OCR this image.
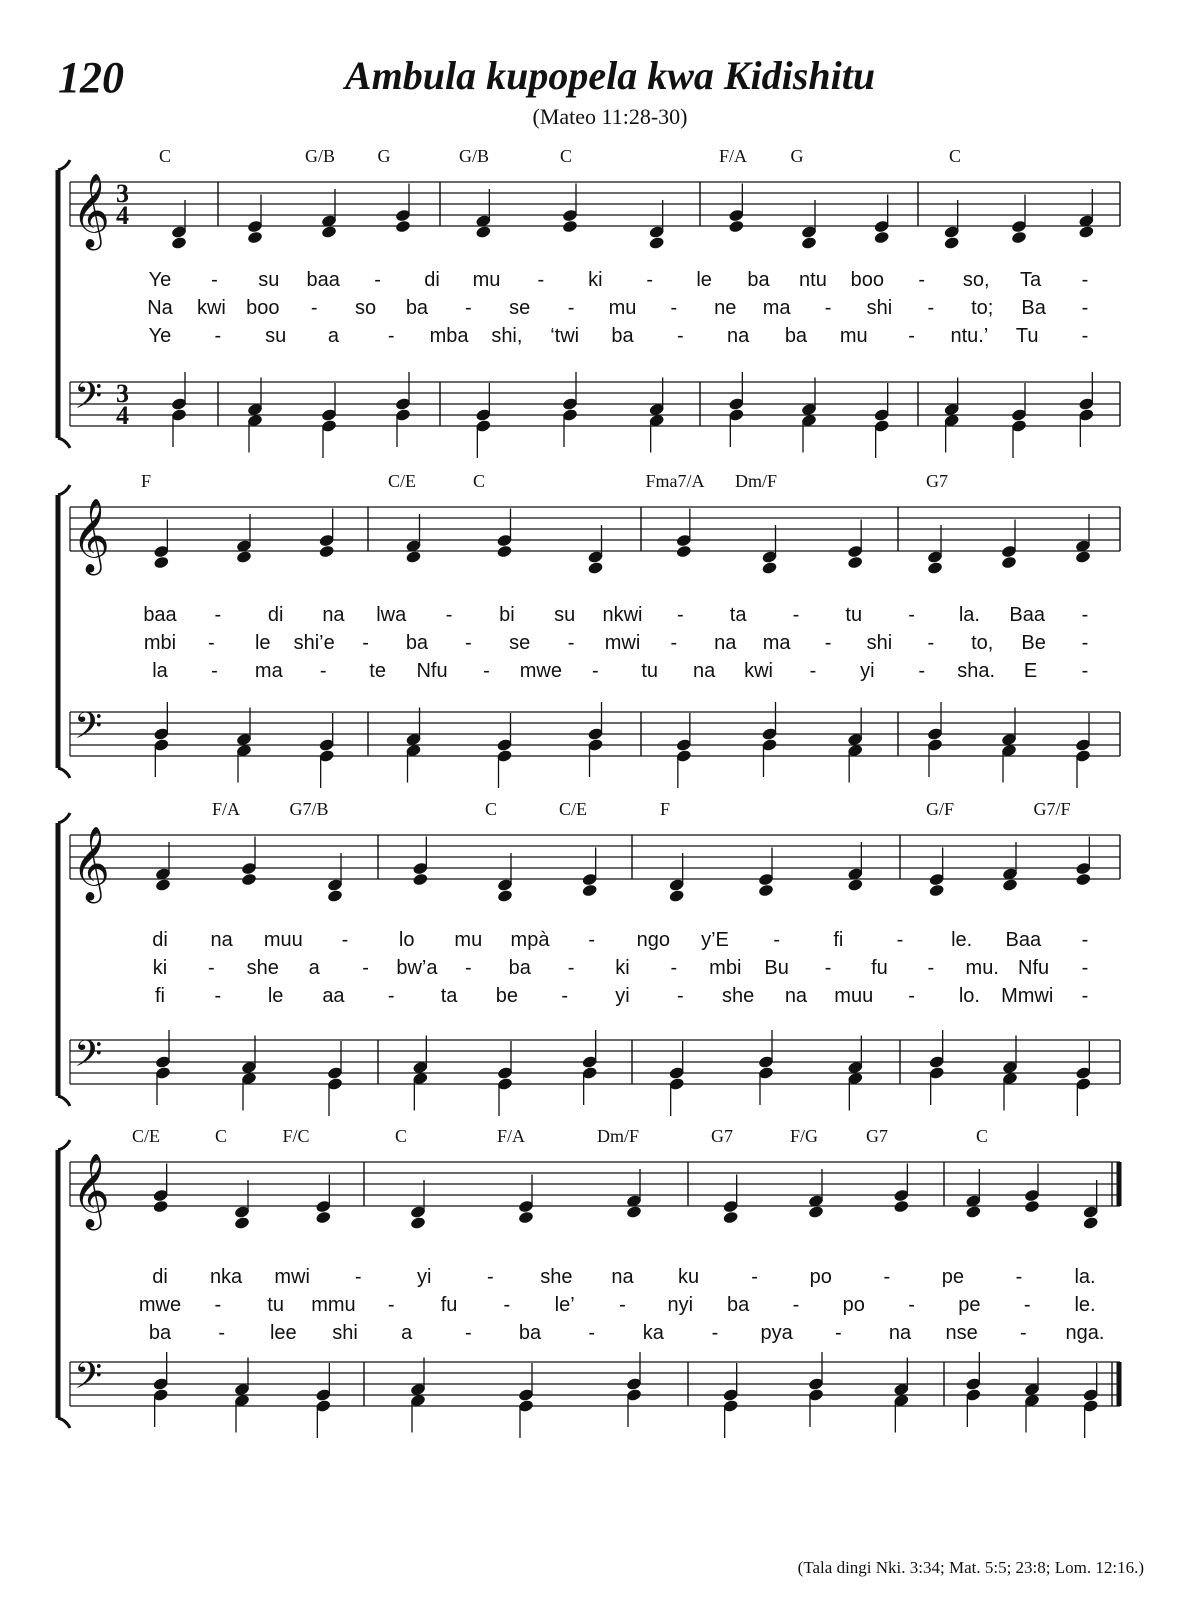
120	Ambula kupopela kwa Kidishitu
(Mateo 11:28-30)
𝄞 3
4
𝄢 3
4
C	G/B G	G/B	C	F/A G	C
Ye - su baa - di mu - ki - le ba ntu boo - so, Ta -
Na kwi boo - so ba - se - mu - ne ma - shi - to; Ba -
Ye - su a - mba shi, ‘twi ba - na ba mu - ntu.’ Tu -
𝄞
𝄢
F	C/E	C	Fma7/A Dm/F	G7
baa - di na lwa - bi su nkwi - ta - tu - la. Baa -
mbi - le shi’e - ba - se - mwi - na ma - shi - to, Be -
la - ma - te Nfu - mwe - tu na kwi - yi - sha. E -
𝄞
𝄢
F/A	G7/B	C	C/E	F	G/F	G7/F
di na muu -	lo mu mpà - ngo y’E -	fi	- le. Baa -
ki - she a - bw’a - ba - ki - mbi Bu - fu - mu. Nfu -
fi - le aa - ta be - yi - she na muu - lo. Mmwi -
𝄞
𝄢
C/E	C	F/C	C	F/A	Dm/F	G7	F/G	G7	C
di nka mwi -	yi	- she na ku	-	po	-	pe	-	la.
mwe - tu mmu - fu - le’ - nyi ba - po - pe - le.
ba - lee shi a	- ba - ka - pya - na nse - nga.
(Tala dingi Nki. 3:34; Mat. 5:5; 23:8; Lom. 12:16.)
